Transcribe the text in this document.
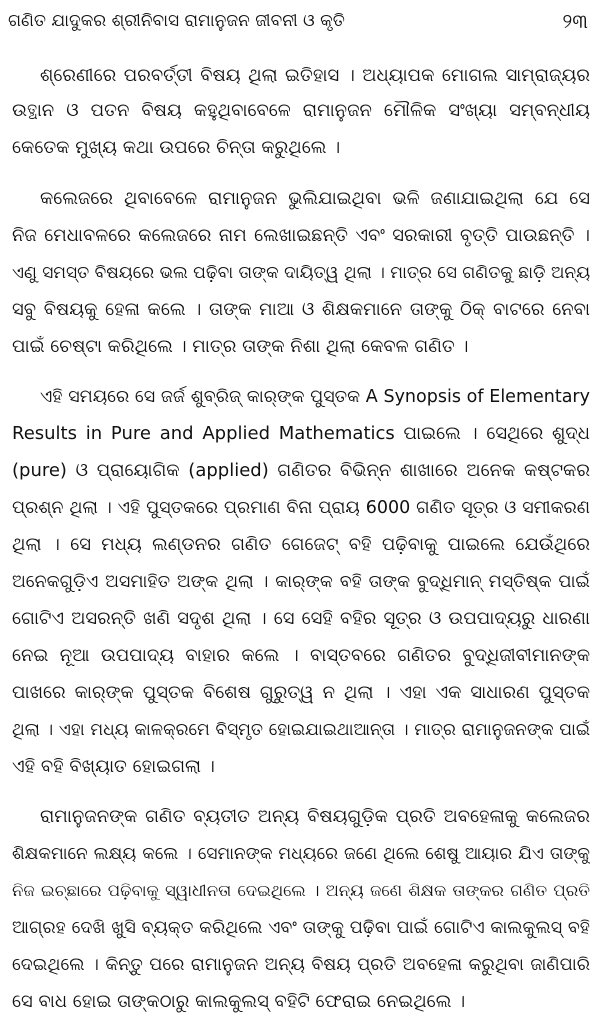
ଗଣିତ ଯାଦୁକର ଶ୍ରୀନିବାସ ରାମାନୁଜନ ଜୀବନୀ ଓ କୃତି	୨୩
ଶ୍ରେଣୀରେ ପରବର୍ତ୍ତୀ ବିଷୟ ଥିଲା ଇତିହାସ । ଅଧ୍ୟାପକ ମୋଗଲ ସାମ୍ରାଜ୍ୟର
ଉତ୍ଥାନ ଓ ପତନ ବିଷୟ କହୁଥିବାବେଳେ ରାମାନୁଜନ ମୌଳିକ ସଂଖ୍ୟା ସମ୍ବନ୍ଧୀୟ
କେତେକ ମୁଖ୍ୟ କଥା ଉପରେ ଚିନ୍ତା କରୁଥିଲେ ।
କଲେଜରେ ଥିବାବେଳେ ରାମାନୁଜନ ଭୁଲିଯାଇଥିବା ଭଳି ଜଣାଯାଇଥିଲା ଯେ ସେ
ନିଜ ମେଧାବଳରେ କଲେଜରେ ନାମ ଲେଖାଇଛନ୍ତି ଏବଂ ସରକାରୀ ବୃତ୍ତି ପାଉଛନ୍ତି ।
ଏଣୁ ସମସ୍ତ ବିଷୟରେ ଭଲ ପଢ଼ିବା ତାଙ୍କ ଦାୟିତ୍ୱ ଥିଲା । ମାତ୍ର ସେ ଗଣିତକୁ ଛାଡ଼ି ଅନ୍ୟ
ସବୁ ବିଷୟକୁ ହେଳା କଲେ । ତାଙ୍କ ମାଆ ଓ ଶିକ୍ଷକମାନେ ତାଙ୍କୁ ଠିକ୍ ବାଟରେ ନେବା
ପାଇଁ ଚେଷ୍ଟା କରିଥିଲେ । ମାତ୍ର ତାଙ୍କ ନିଶା ଥିଲା କେବଳ ଗଣିତ ।
ଏହି ସମୟରେ ସେ ଜର୍ଜ ଶୁବ୍ରିଜ୍ କାର୍‌ଙ୍କ ପୁସ୍ତକ A Synopsis of Elementary
Results in Pure and Applied Mathematics ପାଇଲେ । ସେଥିରେ ଶୁଦ୍ଧ
(pure) ଓ ପ୍ରାୟୋଗିକ (applied) ଗଣିତର ବିଭିନ୍ନ ଶାଖାରେ ଅନେକ କଷ୍ଟକର
ପ୍ରଶ୍ନ ଥିଲା । ଏହି ପୁସ୍ତକରେ ପ୍ରମାଣ ବିନା ପ୍ରାୟ 6000 ଗଣିତ ସୂତ୍ର ଓ ସମୀକରଣ
ଥିଲା । ସେ ମଧ୍ୟ ଲଣ୍ଡନର ଗଣିତ ଗେଜେଟ୍ ବହି ପଢ଼ିବାକୁ ପାଇଲେ ଯେଉଁଥିରେ
ଅନେକଗୁଡ଼ିଏ ଅସମାହିତ ଅଙ୍କ ଥିଲା । କାର୍‌ଙ୍କ ବହି ତାଙ୍କ ବୁଦ୍ଧିମାନ୍ ମସ୍ତିଷ୍କ ପାଇଁ
ଗୋଟିଏ ଅସରନ୍ତି ଖଣି ସଦୃଶ ଥିଲା । ସେ ସେହି ବହିର ସୂତ୍ର ଓ ଉପପାଦ୍ୟରୁ ଧାରଣା
ନେଇ ନୂଆ ଉପପାଦ୍ୟ ବାହାର କଲେ । ବାସ୍ତବରେ ଗଣିତର ବୁଦ୍ଧିଜୀବୀମାନଙ୍କ
ପାଖରେ କାର୍‌ଙ୍କ ପୁସ୍ତକ ବିଶେଷ ଗୁରୁତ୍ୱ ନ ଥିଲା । ଏହା ଏକ ସାଧାରଣ ପୁସ୍ତକ
ଥିଲା । ଏହା ମଧ୍ୟ କାଳକ୍ରମେ ବିସ୍ମୃତ ହୋଇଯାଇଥାଆନ୍ତା । ମାତ୍ର ରାମାନୁଜନଙ୍କ ପାଇଁ
ଏହି ବହି ବିଖ୍ୟାତ ହୋଇଗଲା ।
ରାମାନୁଜନଙ୍କ ଗଣିତ ବ୍ୟତୀତ ଅନ୍ୟ ବିଷୟଗୁଡ଼ିକ ପ୍ରତି ଅବହେଳାକୁ କଲେଜର
ଶିକ୍ଷକମାନେ ଲକ୍ଷ୍ୟ କଲେ । ସେମାନଙ୍କ ମଧ୍ୟରେ ଜଣେ ଥିଲେ ଶେଷୁ ଆୟାର ଯିଏ ତାଙ୍କୁ
ନିଜ ଇଚ୍ଛାରେ ପଢ଼ିବାକୁ ସ୍ୱାଧୀନତା ଦେଇଥିଲେ । ଅନ୍ୟ ଜଣେ ଶିକ୍ଷକ ତାଙ୍କର ଗଣିତ ପ୍ରତି
ଆଗ୍ରହ ଦେଖି ଖୁସି ବ୍ୟକ୍ତ କରିଥିଲେ ଏବଂ ତାଙ୍କୁ ପଢ଼ିବା ପାଇଁ ଗୋଟିଏ କାଲକୁଲସ୍ ବହି
ଦେଇଥିଲେ । କିନ୍ତୁ ପରେ ରାମାନୁଜନ ଅନ୍ୟ ବିଷୟ ପ୍ରତି ଅବହେଳା କରୁଥିବା ଜାଣିପାରି
ସେ ବାଧ ହୋଇ ତାଙ୍କଠାରୁ କାଲକୁଲସ୍ ବହିଟି ଫେରାଇ ନେଇଥିଲେ ।
